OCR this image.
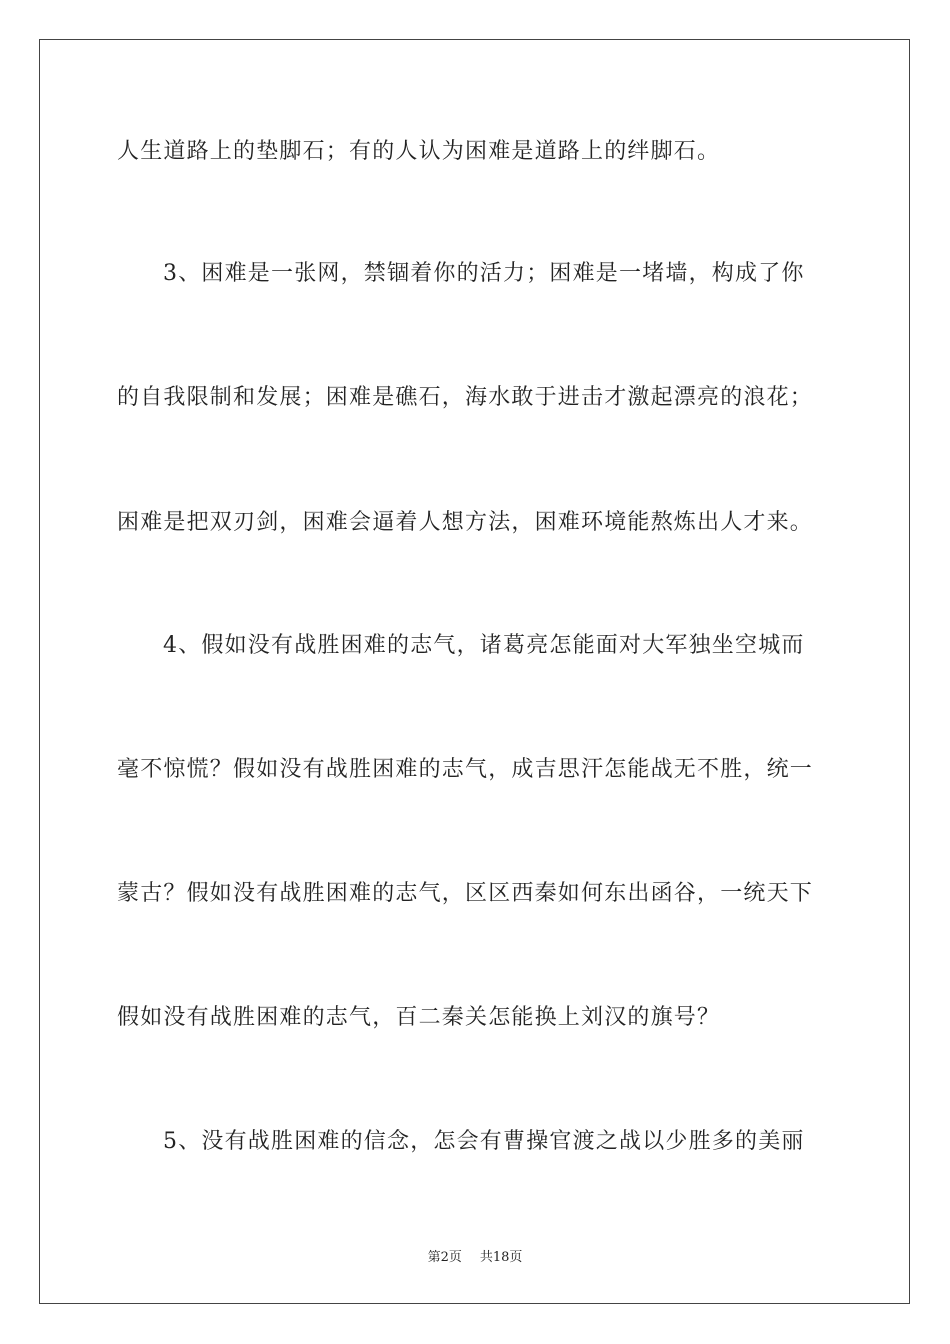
人生道路上的垫脚石；有的人认为困难是道路上的绊脚石。
3、困难是一张网，禁锢着你的活力；困难是一堵墙，构成了你
的自我限制和发展；困难是礁石，海水敢于进击才激起漂亮的浪花；
困难是把双刃剑，困难会逼着人想方法，困难环境能熬炼出人才来。
4、假如没有战胜困难的志气，诸葛亮怎能面对大军独坐空城而
毫不惊慌？假如没有战胜困难的志气，成吉思汗怎能战无不胜，统一
蒙古？假如没有战胜困难的志气，区区西秦如何东出函谷，一统天下
假如没有战胜困难的志气，百二秦关怎能换上刘汉的旗号？
5、没有战胜困难的信念，怎会有曹操官渡之战以少胜多的美丽
第2页 共18页
